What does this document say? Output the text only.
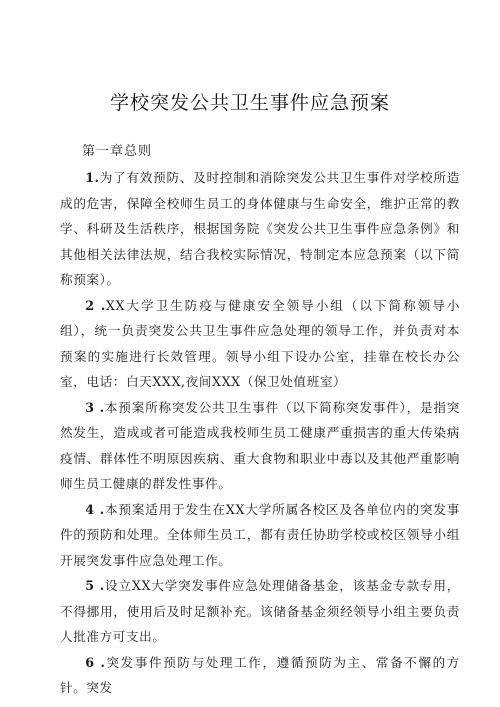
学校突发公共卫生事件应急预案
第一章总则

1.为了有效预防、及时控制和消除突发公共卫生事件对学校所造成的危害，保障全校师生员工的身体健康与生命安全，维护正常的教学、科研及生活秩序，根据国务院《突发公共卫生事件应急条例》和其他相关法律法规，结合我校实际情况，特制定本应急预案（以下简称预案）。

2 .XX大学卫生防疫与健康安全领导小组（以下简称领导小组），统一负责突发公共卫生事件应急处理的领导工作，并负责对本预案的实施进行长效管理。领导小组下设办公室，挂靠在校长办公室，电话：白天XXX,夜间XXX（保卫处值班室）

3 .本预案所称突发公共卫生事件（以下简称突发事件），是指突然发生，造成或者可能造成我校师生员工健康严重损害的重大传染病疫情、群体性不明原因疾病、重大食物和职业中毒以及其他严重影响师生员工健康的群发性事件。

4 .本预案适用于发生在XX大学所属各校区及各单位内的突发事件的预防和处理。全体师生员工，都有责任协助学校或校区领导小组开展突发事件应急处理工作。

5 .设立XX大学突发事件应急处理储备基金，该基金专款专用，不得挪用，使用后及时足额补充。该储备基金须经领导小组主要负责人批准方可支出。

6 .突发事件预防与处理工作，遵循预防为主、常备不懈的方针。突发
